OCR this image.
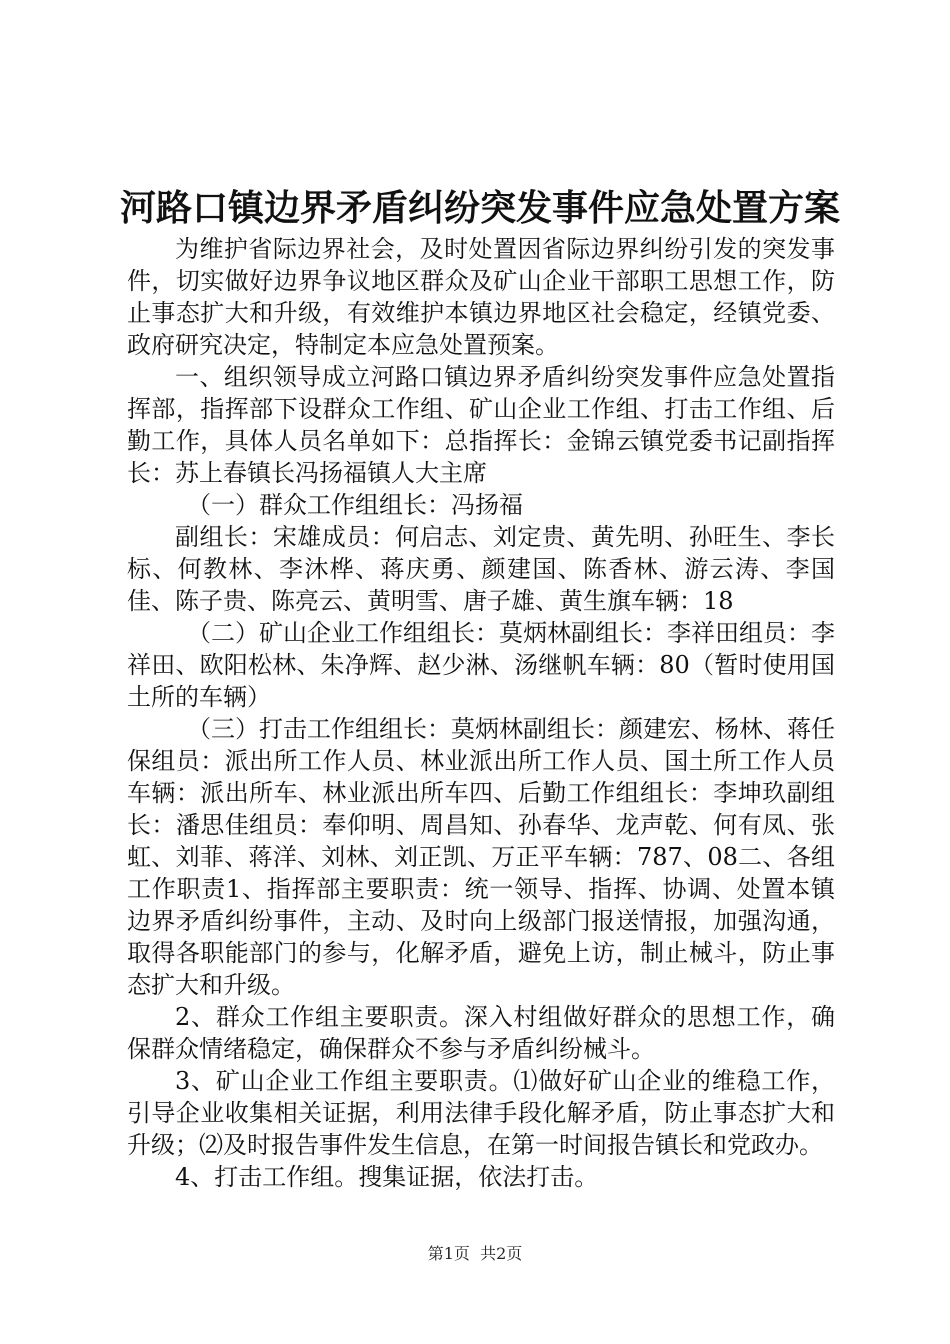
河路口镇边界矛盾纠纷突发事件应急处置方案

为维护省际边界社会，及时处置因省际边界纠纷引发的突发事件，切实做好边界争议地区群众及矿山企业干部职工思想工作，防止事态扩大和升级，有效维护本镇边界地区社会稳定，经镇党委、政府研究决定，特制定本应急处置预案。

一、组织领导成立河路口镇边界矛盾纠纷突发事件应急处置指挥部，指挥部下设群众工作组、矿山企业工作组、打击工作组、后勤工作，具体人员名单如下：总指挥长：金锦云镇党委书记副指挥长：苏上春镇长冯扬福镇人大主席

（一）群众工作组组长：冯扬福

副组长：宋雄成员：何启志、刘定贵、黄先明、孙旺生、李长标、何教林、李沐桦、蒋庆勇、颜建国、陈香林、游云涛、李国佳、陈子贵、陈亮云、黄明雪、唐子雄、黄生旗车辆：18

（二）矿山企业工作组组长：莫炳林副组长：李祥田组员：李祥田、欧阳松林、朱净辉、赵少淋、汤继帆车辆：80（暂时使用国土所的车辆）

（三）打击工作组组长：莫炳林副组长：颜建宏、杨林、蒋任保组员：派出所工作人员、林业派出所工作人员、国土所工作人员车辆：派出所车、林业派出所车四、后勤工作组组长：李坤玖副组长：潘思佳组员：奉仰明、周昌知、孙春华、龙声乾、何有凤、张虹、刘菲、蒋洋、刘林、刘正凯、万正平车辆：787、08二、各组工作职责1、指挥部主要职责：统一领导、指挥、协调、处置本镇边界矛盾纠纷事件，主动、及时向上级部门报送情报，加强沟通，取得各职能部门的参与，化解矛盾，避免上访，制止械斗，防止事态扩大和升级。

2、群众工作组主要职责。深入村组做好群众的思想工作，确保群众情绪稳定，确保群众不参与矛盾纠纷械斗。

3、矿山企业工作组主要职责。⑴做好矿山企业的维稳工作，引导企业收集相关证据，利用法律手段化解矛盾，防止事态扩大和升级；⑵及时报告事件发生信息，在第一时间报告镇长和党政办。

4、打击工作组。搜集证据，依法打击。

第1页  共2页
